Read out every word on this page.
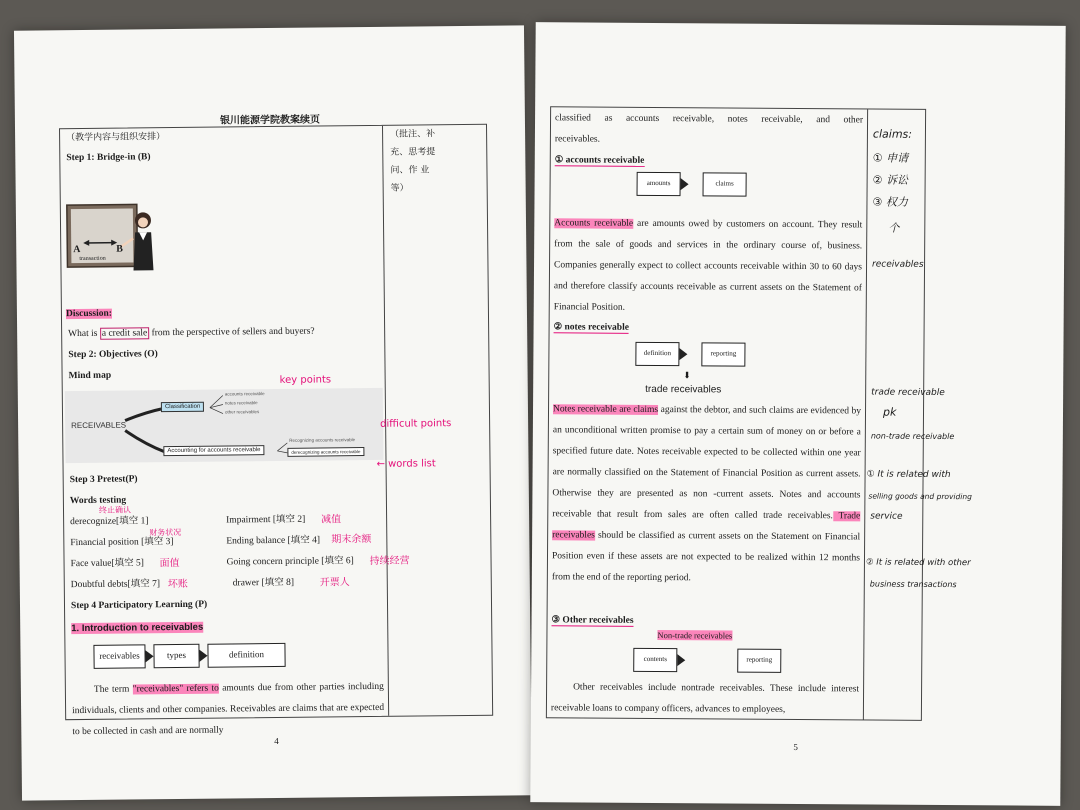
银川能源学院教案续页
（教学内容与组织安排）	（批注、补
充、思考提
问、作 业
等）
Step 1: Bridge-in (B)
A	B
transaction
Discussion:
What is a credit sale from the perspective of sellers and buyers?
Step 2: Objectives (O)
Mind map
RECEIVABLES
Classification
accounts receivable
notes receivable
other receivables
Accounting for accounts receivable
Recognizing accounts receivable
derecognizing accounts receivable
Step 3 Pretest(P)
Words testing
derecognize[填空 1]	Impairment [填空 2]
Financial position [填空 3]	Ending balance [填空 4]
Face value[填空 5]	Going concern principle [填空 6]
Doubtful debts[填空 7]	drawer [填空 8]
Step 4 Participatory Learning (P)
1. Introduction to receivables
receivables	types	definition
The term "receivables" refers to amounts due from other parties including individuals, clients and other companies. Receivables are claims that are expected to be collected in cash and are normally
key points
difficult points
← words list
终止确认
减值
财务状况
期末余额
面值	持续经营
坏账	开票人
4
classified as accounts receivable, notes receivable, and other
receivables.
① accounts receivable
amounts	claims
Accounts receivable are amounts owed by customers on account. They result from the sale of goods and services in the ordinary course of, business. Companies generally expect to collect accounts receivable within 30 to 60 days and therefore classify accounts receivable as current assets on the Statement of Financial Position.
② notes receivable
definition	reporting
⬇
trade receivables
Notes receivable are claims against the debtor, and such claims are evidenced by an unconditional written promise to pay a certain sum of money on or before a specified future date. Notes receivable expected to be collected within one year are normally classified on the Statement of Financial Position as current assets. Otherwise they are presented as non -current assets. Notes and accounts receivable that result from sales are often called trade receivables. Trade receivables should be classified as current assets on the Statement on Financial Position even if these assets are not expected to be realized within 12 months from the end of the reporting period.
③ Other receivables
Non-trade receivables
contents	reporting
Other receivables include nontrade receivables. These include interest receivable loans to company officers, advances to employees,
claims:
① 申请
② 诉讼
③ 权力
个
receivables
trade receivable
pk
non-trade receivable
① It is related with
selling goods and providing
service
② It is related with other
business transactions
5
